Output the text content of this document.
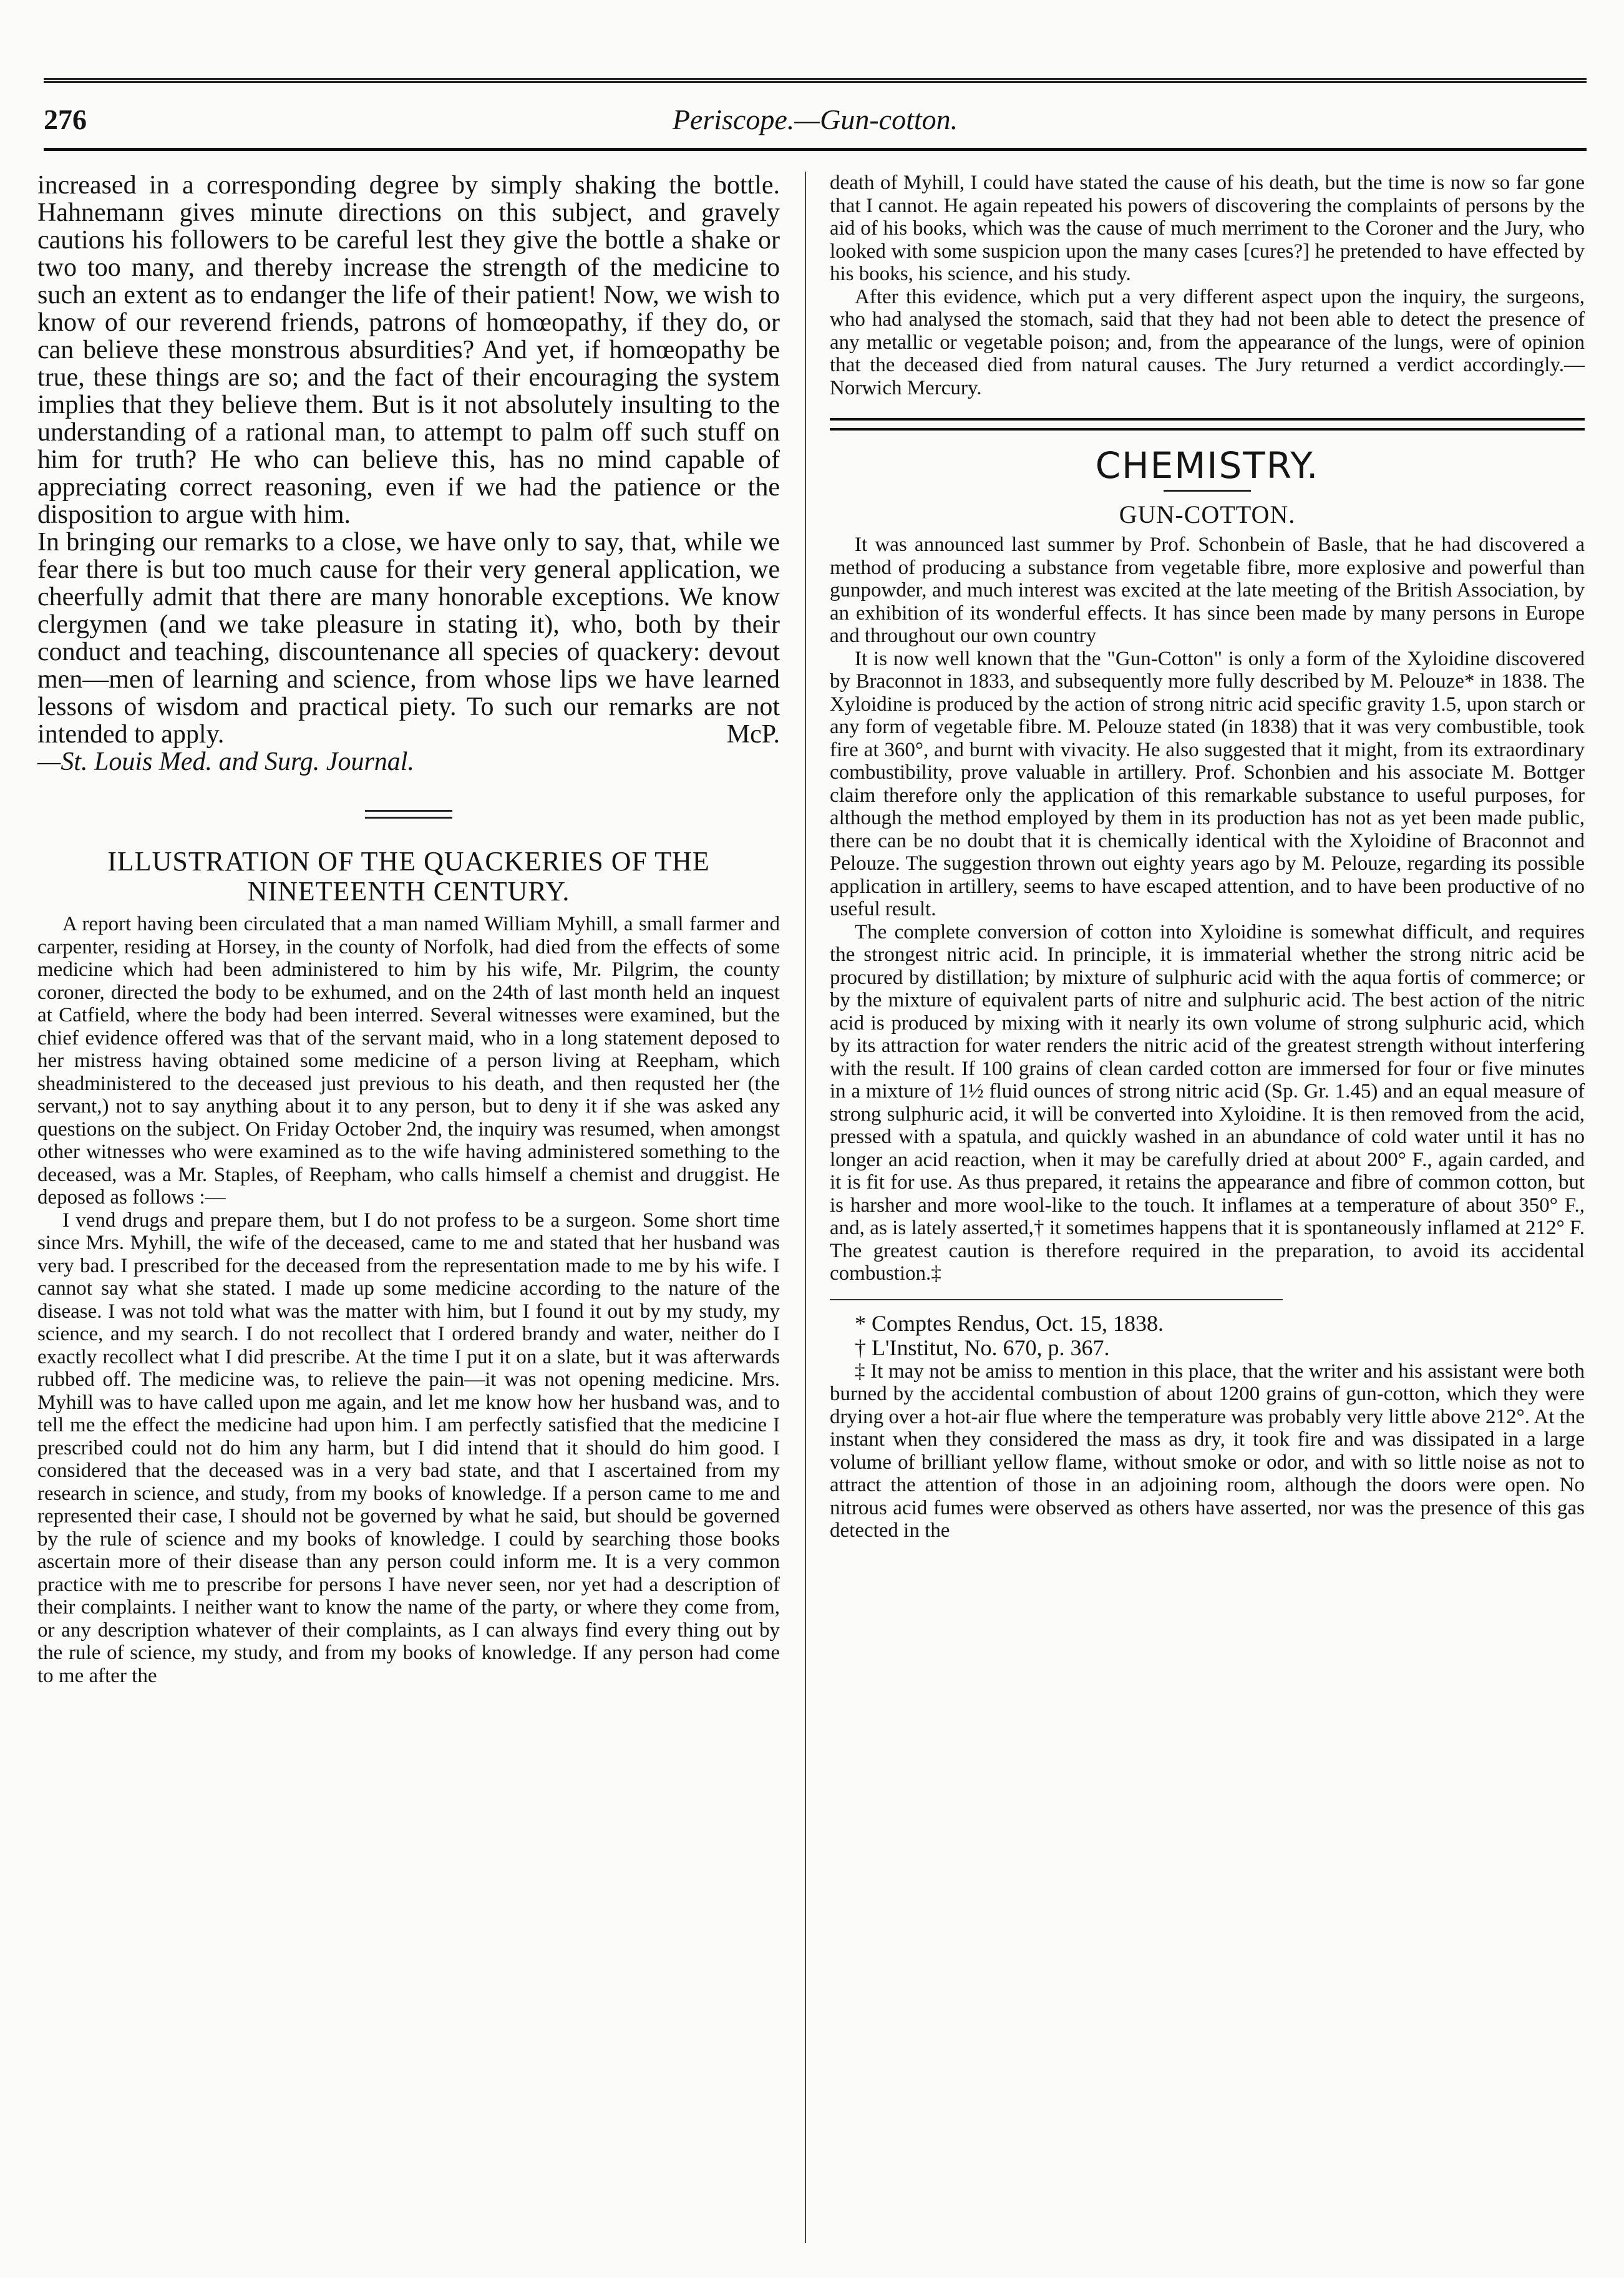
276	Periscope.—Gun-cotton.

increased in a corresponding degree by simply shaking the bottle. Hahnemann gives minute directions on this subject, and gravely cautions his followers to be careful lest they give the bottle a shake or two too many, and thereby increase the strength of the medicine to such an extent as to endanger the life of their patient! Now, we wish to know of our reverend friends, patrons of homœopathy, if they do, or can believe these monstrous absurdities? And yet, if homœopathy be true, these things are so; and the fact of their encouraging the system implies that they believe them. But is it not absolutely insulting to the understanding of a rational man, to attempt to palm off such stuff on him for truth? He who can believe this, has no mind capable of appreciating correct reasoning, even if we had the patience or the disposition to argue with him.

In bringing our remarks to a close, we have only to say, that, while we fear there is but too much cause for their very general application, we cheerfully admit that there are many honorable exceptions. We know clergymen (and we take pleasure in stating it), who, both by their conduct and teaching, discountenance all species of quackery: devout men—men of learning and science, from whose lips we have learned lessons of wisdom and practical piety. To such our remarks are not intended to apply.	McP.
—St. Louis Med. and Surg. Journal.
ILLUSTRATION OF THE QUACKERIES OF THE NINETEENTH CENTURY.

A report having been circulated that a man named William Myhill, a small farmer and carpenter, residing at Horsey, in the county of Norfolk, had died from the effects of some medicine which had been administered to him by his wife, Mr. Pilgrim, the county coroner, directed the body to be exhumed, and on the 24th of last month held an inquest at Catfield, where the body had been interred. Several witnesses were examined, but the chief evidence offered was that of the servant maid, who in a long statement deposed to her mistress having obtained some medicine of a person living at Reepham, which sheadministered to the deceased just previous to his death, and then requsted her (the servant,) not to say anything about it to any person, but to deny it if she was asked any questions on the subject. On Friday October 2nd, the inquiry was resumed, when amongst other witnesses who were examined as to the wife having administered something to the deceased, was a Mr. Staples, of Reepham, who calls himself a chemist and druggist. He deposed as follows :—

I vend drugs and prepare them, but I do not profess to be a surgeon. Some short time since Mrs. Myhill, the wife of the deceased, came to me and stated that her husband was very bad. I prescribed for the deceased from the representation made to me by his wife. I cannot say what she stated. I made up some medicine according to the nature of the disease. I was not told what was the matter with him, but I found it out by my study, my science, and my search. I do not recollect that I ordered brandy and water, neither do I exactly recollect what I did prescribe. At the time I put it on a slate, but it was afterwards rubbed off. The medicine was, to relieve the pain—it was not opening medicine. Mrs. Myhill was to have called upon me again, and let me know how her husband was, and to tell me the effect the medicine had upon him. I am perfectly satisfied that the medicine I prescribed could not do him any harm, but I did intend that it should do him good. I considered that the deceased was in a very bad state, and that I ascertained from my research in science, and study, from my books of knowledge. If a person came to me and represented their case, I should not be governed by what he said, but should be governed by the rule of science and my books of knowledge. I could by searching those books ascertain more of their disease than any person could inform me. It is a very common practice with me to prescribe for persons I have never seen, nor yet had a description of their complaints. I neither want to know the name of the party, or where they come from, or any description whatever of their complaints, as I can always find every thing out by the rule of science, my study, and from my books of knowledge. If any person had come to me after the

death of Myhill, I could have stated the cause of his death, but the time is now so far gone that I cannot. He again repeated his powers of discovering the complaints of persons by the aid of his books, which was the cause of much merriment to the Coroner and the Jury, who looked with some suspicion upon the many cases [cures?] he pretended to have effected by his books, his science, and his study.

After this evidence, which put a very different aspect upon the inquiry, the surgeons, who had analysed the stomach, said that they had not been able to detect the presence of any metallic or vegetable poison; and, from the appearance of the lungs, were of opinion that the deceased died from natural causes. The Jury returned a verdict accordingly.—Norwich Mercury.

CHEMISTRY.
GUN-COTTON.

It was announced last summer by Prof. Schonbein of Basle, that he had discovered a method of producing a substance from vegetable fibre, more explosive and powerful than gunpowder, and much interest was excited at the late meeting of the British Association, by an exhibition of its wonderful effects. It has since been made by many persons in Europe and throughout our own country

It is now well known that the "Gun-Cotton" is only a form of the Xyloidine discovered by Braconnot in 1833, and subsequently more fully described by M. Pelouze* in 1838. The Xyloidine is produced by the action of strong nitric acid specific gravity 1.5, upon starch or any form of vegetable fibre. M. Pelouze stated (in 1838) that it was very combustible, took fire at 360°, and burnt with vivacity. He also suggested that it might, from its extraordinary combustibility, prove valuable in artillery. Prof. Schonbien and his associate M. Bottger claim therefore only the application of this remarkable substance to useful purposes, for although the method employed by them in its production has not as yet been made public, there can be no doubt that it is chemically identical with the Xyloidine of Braconnot and Pelouze. The suggestion thrown out eighty years ago by M. Pelouze, regarding its possible application in artillery, seems to have escaped attention, and to have been productive of no useful result.

The complete conversion of cotton into Xyloidine is somewhat difficult, and requires the strongest nitric acid. In principle, it is immaterial whether the strong nitric acid be procured by distillation; by mixture of sulphuric acid with the aqua fortis of commerce; or by the mixture of equivalent parts of nitre and sulphuric acid. The best action of the nitric acid is produced by mixing with it nearly its own volume of strong sulphuric acid, which by its attraction for water renders the nitric acid of the greatest strength without interfering with the result. If 100 grains of clean carded cotton are immersed for four or five minutes in a mixture of 1½ fluid ounces of strong nitric acid (Sp. Gr. 1.45) and an equal measure of strong sulphuric acid, it will be converted into Xyloidine. It is then removed from the acid, pressed with a spatula, and quickly washed in an abundance of cold water until it has no longer an acid reaction, when it may be carefully dried at about 200° F., again carded, and it is fit for use. As thus prepared, it retains the appearance and fibre of common cotton, but is harsher and more wool-like to the touch. It inflames at a temperature of about 350° F., and, as is lately asserted,† it sometimes happens that it is spontaneously inflamed at 212° F. The greatest caution is therefore required in the preparation, to avoid its accidental combustion.‡

* Comptes Rendus, Oct. 15, 1838.
† L'Institut, No. 670, p. 367.

‡ It may not be amiss to mention in this place, that the writer and his assistant were both burned by the accidental combustion of about 1200 grains of gun-cotton, which they were drying over a hot-air flue where the temperature was probably very little above 212°. At the instant when they considered the mass as dry, it took fire and was dissipated in a large volume of brilliant yellow flame, without smoke or odor, and with so little noise as not to attract the attention of those in an adjoining room, although the doors were open. No nitrous acid fumes were observed as others have asserted, nor was the presence of this gas detected in the
